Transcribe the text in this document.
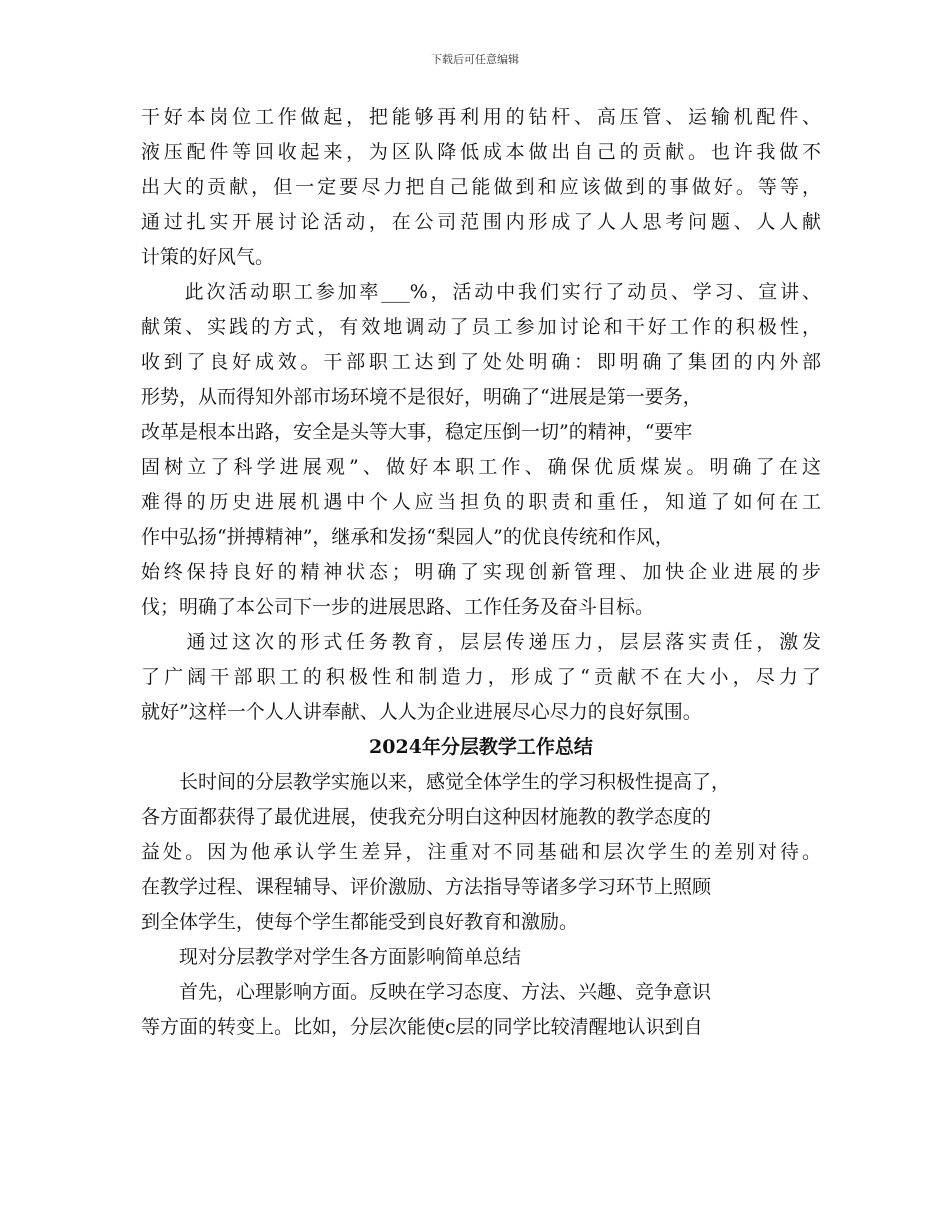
下载后可任意编辑
干好本岗位工作做起，把能够再利用的钻杆、高压管、运输机配件、
液压配件等回收起来，为区队降低成本做出自己的贡献。也许我做不
出大的贡献，但一定要尽力把自己能做到和应该做到的事做好。等等，
通过扎实开展讨论活动，在公司范围内形成了人人思考问题、人人献
计策的好风气。
　　此次活动职工参加率___%，活动中我们实行了动员、学习、宣讲、
献策、实践的方式，有效地调动了员工参加讨论和干好工作的积极性，
收到了良好成效。干部职工达到了处处明确：即明确了集团的内外部
形势，从而得知外部市场环境不是很好，明确了“进展是第一要务，
改革是根本出路，安全是头等大事，稳定压倒一切”的精神，“要牢
固树立了科学进展观”、做好本职工作、确保优质煤炭。明确了在这
难得的历史进展机遇中个人应当担负的职责和重任，知道了如何在工
作中弘扬“拼搏精神”，继承和发扬“梨园人”的优良传统和作风，
始终保持良好的精神状态；明确了实现创新管理、加快企业进展的步
伐；明确了本公司下一步的进展思路、工作任务及奋斗目标。
　　通过这次的形式任务教育，层层传递压力，层层落实责任，激发
了广阔干部职工的积极性和制造力，形成了“贡献不在大小，尽力了
就好”这样一个人人讲奉献、人人为企业进展尽心尽力的良好氛围。
2024年分层教学工作总结
　　长时间的分层教学实施以来，感觉全体学生的学习积极性提高了，
各方面都获得了最优进展，使我充分明白这种因材施教的教学态度的
益处。因为他承认学生差异，注重对不同基础和层次学生的差别对待。
在教学过程、课程辅导、评价激励、方法指导等诸多学习环节上照顾
到全体学生，使每个学生都能受到良好教育和激励。
　　现对分层教学对学生各方面影响简单总结
　　首先，心理影响方面。反映在学习态度、方法、兴趣、竞争意识
等方面的转变上。比如，分层次能使c层的同学比较清醒地认识到自
